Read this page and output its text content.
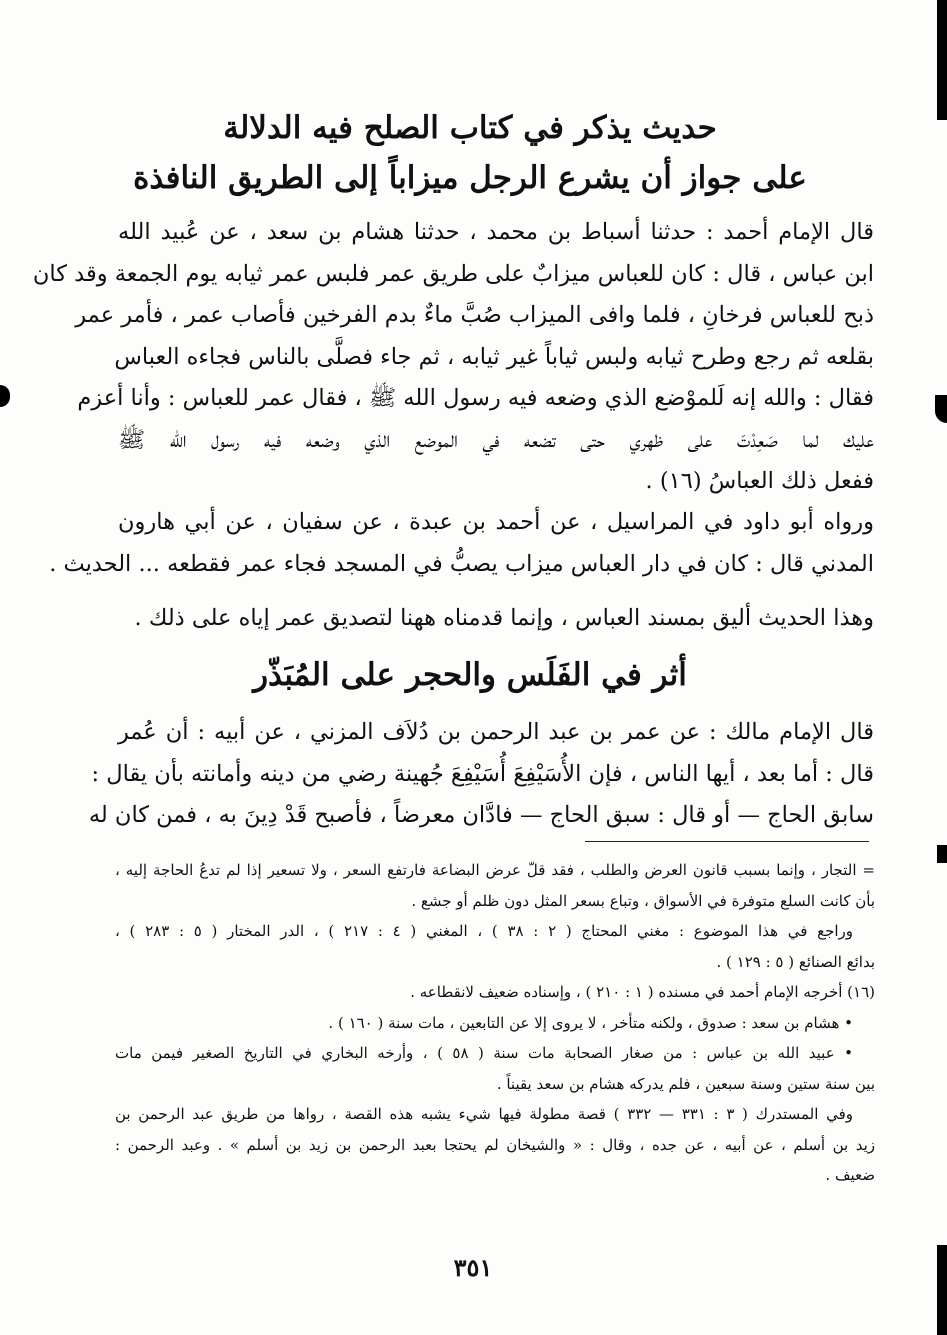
حديث يذكر في كتاب الصلح فيه الدلالة
على جواز أن يشرع الرجل ميزاباً إلى الطريق النافذة
قال الإمام أحمد : حدثنا أسباط بن محمد ، حدثنا هشام بن سعد ، عن عُبيد الله
ابن عباس ، قال : كان للعباس ميزابٌ على طريق عمر فلبس عمر ثيابه يوم الجمعة وقد كان
ذبح للعباس فرخانِ ، فلما وافى الميزاب صُبَّ ماءٌ بدم الفرخين فأصاب عمر ، فأمر عمر
بقلعه ثم رجع وطرح ثيابه ولبس ثياباً غير ثيابه ، ثم جاء فصلَّى بالناس فجاءه العباس
فقال : والله إنه لَلموْضع الذي وضعه فيه رسول الله ﷺ ، فقال عمر للعباس : وأنا أعزم
عليك لما صَعِدْتَ على ظهري حتى تضعه في الموضع الذي وضعه فيه رسول الله ﷺ
ففعل ذلك العباسُ (١٦) .
ورواه أبو داود في المراسيل ، عن أحمد بن عبدة ، عن سفيان ، عن أبي هارون
المدني قال : كان في دار العباس ميزاب يصبُّ في المسجد فجاء عمر فقطعه ... الحديث .
وهذا الحديث أليق بمسند العباس ، وإنما قدمناه ههنا لتصديق عمر إياه على ذلك .
أثر في الفَلَس والحجر على المُبَذّر
قال الإمام مالك : عن عمر بن عبد الرحمن بن دُلاَف المزني ، عن أبيه : أن عُمر
قال : أما بعد ، أيها الناس ، فإن الأُسَيْفِعَ أُسَيْفِعَ جُهينة رضي من دينه وأمانته بأن يقال :
سابق الحاج — أو قال : سبق الحاج — فادَّان معرضاً ، فأصبح قَدْ دِينَ به ، فمن كان له
= التجار ، وإنما بسبب قانون العرض والطلب ، فقد قلّ عرض البضاعة فارتفع السعر ، ولا تسعير إذا لم تدعُ الحاجة إليه ،
بأن كانت السلع متوفرة في الأسواق ، وتباع بسعر المثل دون ظلم أو جشع .
وراجع في هذا الموضوع : مغني المحتاج ( ٢ : ٣٨ ) ، المغني ( ٤ : ٢١٧ ) ، الدر المختار ( ٥ : ٢٨٣ ) ،
بدائع الصنائع ( ٥ : ١٢٩ ) .
(١٦) أخرجه الإمام أحمد في مسنده ( ١ : ٢١٠ ) ، وإسناده ضعيف لانقطاعه .
• هشام بن سعد : صدوق ، ولكنه متأخر ، لا يروى إلا عن التابعين ، مات سنة ( ١٦٠ ) .
• عبيد الله بن عباس : من صغار الصحابة مات سنة ( ٥٨ ) ، وأرخه البخاري في التاريخ الصغير فيمن مات
بين سنة ستين وسنة سبعين ، فلم يدركه هشام بن سعد يقيناً .
وفي المستدرك ( ٣ : ٣٣١ — ٣٣٢ ) قصة مطولة فيها شيء يشبه هذه القصة ، رواها من طريق عبد الرحمن بن
زيد بن أسلم ، عن أبيه ، عن جده ، وقال : « والشيخان لم يحتجا بعبد الرحمن بن زيد بن أسلم » . وعبد الرحمن :
ضعيف .
٣٥١
